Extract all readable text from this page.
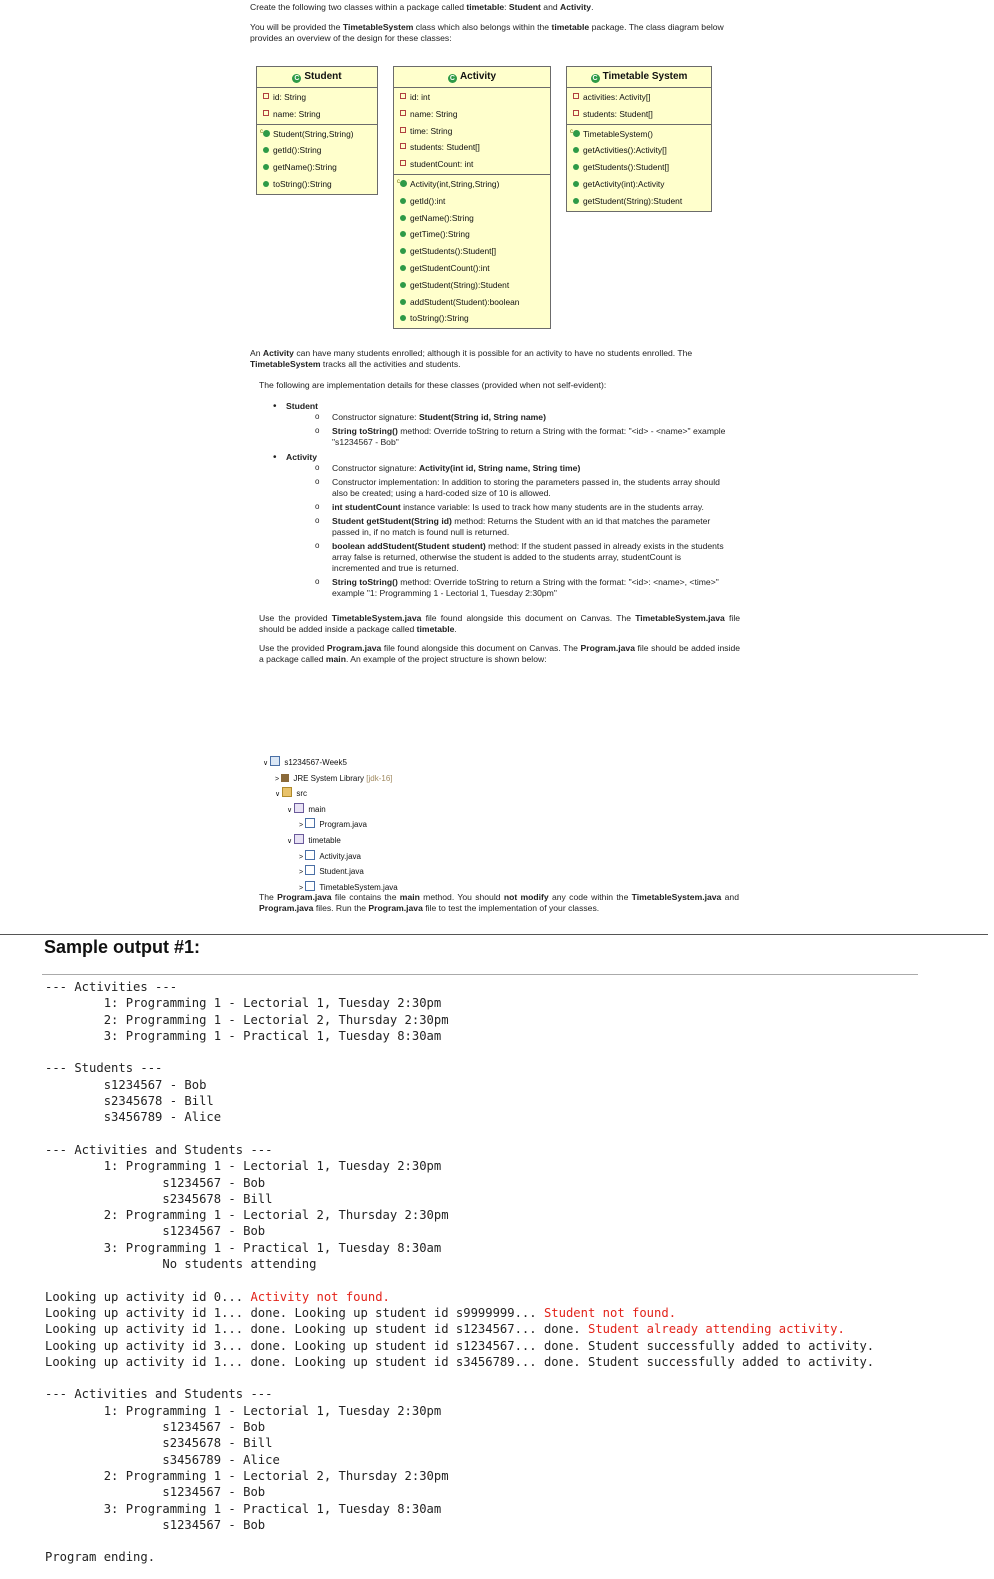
Create the following two classes within a package called timetable: Student and Activity.

You will be provided the TimetableSystem class which also belongs within the timetable package. The class diagram below provides an overview of the design for these classes:

C Student
id: String
name: String
cStudent(String,String)
getId():String
getName():String
toString():String
C Activity
id: int
name: String
time: String
students: Student[]
studentCount: int
cActivity(int,String,String)
getId():int
getName():String
getTime():String
getStudents():Student[]
getStudentCount():int
getStudent(String):Student
addStudent(Student):boolean
toString():String
C Timetable System
activities: Activity[]
students: Student[]
cTimetableSystem()
getActivities():Activity[]
getStudents():Student[]
getActivity(int):Activity
getStudent(String):Student

An Activity can have many students enrolled; although it is possible for an activity to have no students enrolled. The TimetableSystem tracks all the activities and students.

The following are implementation details for these classes (provided when not self-evident):

• Student
o Constructor signature: Student(String id, String name)
o String toString() method: Override toString to return a String with the format: "<id> - <name>" example "s1234567 - Bob"
• Activity
o Constructor signature: Activity(int id, String name, String time)
o Constructor implementation: In addition to storing the parameters passed in, the students array should also be created; using a hard-coded size of 10 is allowed.
o int studentCount instance variable: Is used to track how many students are in the students array.
o Student getStudent(String id) method: Returns the Student with an id that matches the parameter passed in, if no match is found null is returned.
o boolean addStudent(Student student) method: If the student passed in already exists in the students array false is returned, otherwise the student is added to the students array, studentCount is incremented and true is returned.
o String toString() method: Override toString to return a String with the format: "<id>: <name>, <time>" example "1: Programming 1 - Lectorial 1, Tuesday 2:30pm"

Use the provided TimetableSystem.java file found alongside this document on Canvas. The TimetableSystem.java file should be added inside a package called timetable.

Use the provided Program.java file found alongside this document on Canvas. The Program.java file should be added inside a package called main. An example of the project structure is shown below:

∨ s1234567-Week5
> JRE System Library [jdk-16]
∨ src
∨ main
> Program.java
∨ timetable
> Activity.java
> Student.java
> TimetableSystem.java
The Program.java file contains the main method. You should not modify any code within the TimetableSystem.java and Program.java files. Run the Program.java file to test the implementation of your classes.
Sample output #1:
--- Activities ---
1: Programming 1 - Lectorial 1, Tuesday 2:30pm
2: Programming 1 - Lectorial 2, Thursday 2:30pm
3: Programming 1 - Practical 1, Tuesday 8:30am

--- Students ---
s1234567 - Bob
s2345678 - Bill
s3456789 - Alice

--- Activities and Students ---
1: Programming 1 - Lectorial 1, Tuesday 2:30pm
s1234567 - Bob
s2345678 - Bill
2: Programming 1 - Lectorial 2, Thursday 2:30pm
s1234567 - Bob
3: Programming 1 - Practical 1, Tuesday 8:30am
No students attending

Looking up activity id 0... Activity not found.
Looking up activity id 1... done. Looking up student id s9999999... Student not found.
Looking up activity id 1... done. Looking up student id s1234567... done. Student already attending activity.
Looking up activity id 3... done. Looking up student id s1234567... done. Student successfully added to activity.
Looking up activity id 1... done. Looking up student id s3456789... done. Student successfully added to activity.

--- Activities and Students ---
1: Programming 1 - Lectorial 1, Tuesday 2:30pm
s1234567 - Bob
s2345678 - Bill
s3456789 - Alice
2: Programming 1 - Lectorial 2, Thursday 2:30pm
s1234567 - Bob
3: Programming 1 - Practical 1, Tuesday 8:30am
s1234567 - Bob

Program ending.
